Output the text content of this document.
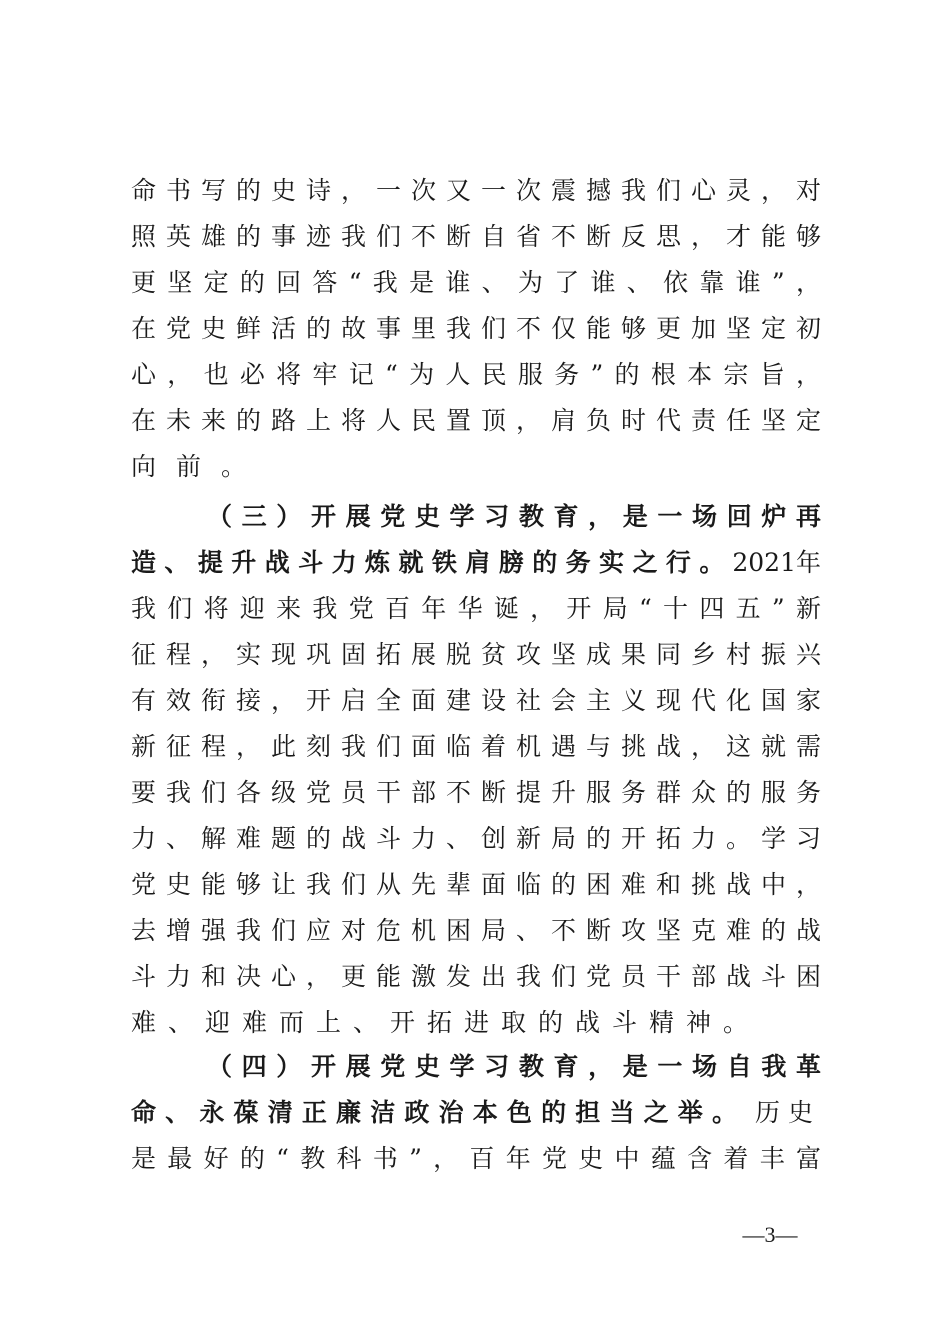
命书写的史诗，一次又一次震撼我们心灵，对
照英雄的事迹我们不断自省不断反思，才能够
更坚定的回答“我是谁、为了谁、依靠谁”，
在党史鲜活的故事里我们不仅能够更加坚定初
心，也必将牢记“为人民服务”的根本宗旨，
在未来的路上将人民置顶，肩负时代责任坚定
向前。
（三）开展党史学习教育，是一场回炉再
造、提升战斗力炼就铁肩膀的务实之行。 2021年
我们将迎来我党百年华诞，开局“十四五”新
征程，实现巩固拓展脱贫攻坚成果同乡村振兴
有效衔接，开启全面建设社会主义现代化国家
新征程，此刻我们面临着机遇与挑战，这就需
要我们各级党员干部不断提升服务群众的服务
力、解难题的战斗力、创新局的开拓力。学习
党史能够让我们从先辈面临的困难和挑战中，
去增强我们应对危机困局、不断攻坚克难的战
斗力和决心，更能激发出我们党员干部战斗困
难、迎难而上、开拓进取的战斗精神。
（四）开展党史学习教育，是一场自我革
命、永葆清正廉洁政治本色的担当之举。 历史
是最好的“教科书”，百年党史中蕴含着丰富
—3—
